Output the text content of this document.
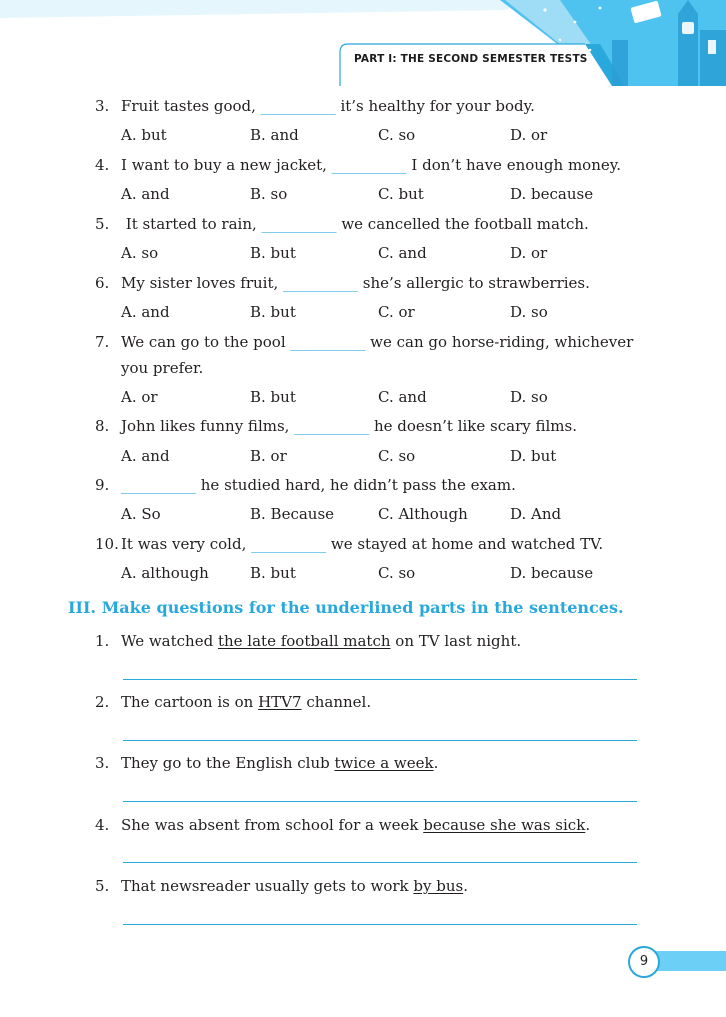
PART I: THE SECOND SEMESTER TESTS
3. Fruit tastes good, __________ it’s healthy for your body.
A. but	B. and	C. so	D. or
4. I want to buy a new jacket, __________ I don’t have enough money.
A. and	B. so	C. but	D. because
5. It started to rain, __________ we cancelled the football match.
A. so	B. but	C. and	D. or
6. My sister loves fruit, __________ she’s allergic to strawberries.
A. and	B. but	C. or	D. so
7. We can go to the pool __________ we can go horse-riding, whichever
you prefer.
A. or	B. but	C. and	D. so
8. John likes funny films, __________ he doesn’t like scary films.
A. and	B. or	C. so	D. but
9. __________ he studied hard, he didn’t pass the exam.
A. So	B. Because	C. Although	D. And
10. It was very cold, __________ we stayed at home and watched TV.
A. although	B. but	C. so	D. because
III. Make questions for the underlined parts in the sentences.
1. We watched the late football match on TV last night.
2. The cartoon is on HTV7 channel.
3. They go to the English club twice a week.
4. She was absent from school for a week because she was sick.
5. That newsreader usually gets to work by bus.
9
